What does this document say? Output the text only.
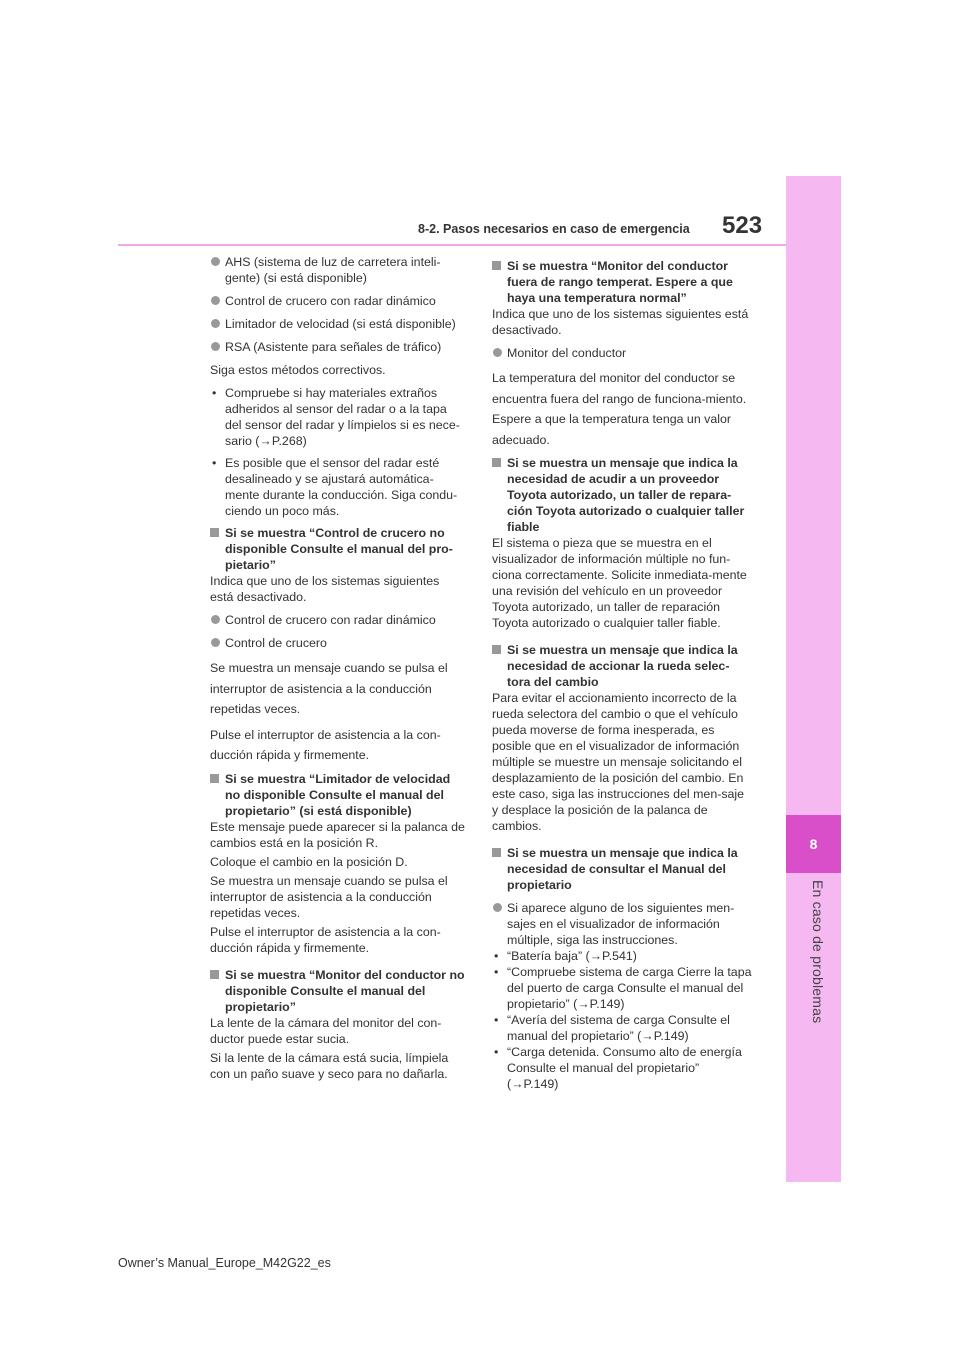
8
En caso de problemas
8-2. Pasos necesarios en caso de emergencia 523
AHS (sistema de luz de carretera inteli-gente) (si está disponible)
Control de crucero con radar dinámico
Limitador de velocidad (si está disponible)
RSA (Asistente para señales de tráfico)
Siga estos métodos correctivos.
• Compruebe si hay materiales extraños adheridos al sensor del radar o a la tapa del sensor del radar y límpielos si es nece-sario (→P.268)
• Es posible que el sensor del radar esté desalineado y se ajustará automática-mente durante la conducción. Siga condu-ciendo un poco más.
Si se muestra “Control de crucero no disponible Consulte el manual del pro-pietario”
Indica que uno de los sistemas siguientes está desactivado.
Control de crucero con radar dinámico
Control de crucero
Se muestra un mensaje cuando se pulsa el interruptor de asistencia a la conducción repetidas veces.
Pulse el interruptor de asistencia a la con-ducción rápida y firmemente.
Si se muestra “Limitador de velocidad no disponible Consulte el manual del propietario” (si está disponible)
Este mensaje puede aparecer si la palanca de cambios está en la posición R.
Coloque el cambio en la posición D.
Se muestra un mensaje cuando se pulsa el interruptor de asistencia a la conducción repetidas veces.
Pulse el interruptor de asistencia a la con-ducción rápida y firmemente.
Si se muestra “Monitor del conductor no disponible Consulte el manual del propietario”
La lente de la cámara del monitor del con-ductor puede estar sucia.
Si la lente de la cámara está sucia, límpiela con un paño suave y seco para no dañarla.
Si se muestra “Monitor del conductor fuera de rango temperat. Espere a que haya una temperatura normal”
Indica que uno de los sistemas siguientes está desactivado.
Monitor del conductor
La temperatura del monitor del conductor se encuentra fuera del rango de funciona-miento. Espere a que la temperatura tenga un valor adecuado.
Si se muestra un mensaje que indica la necesidad de acudir a un proveedor Toyota autorizado, un taller de repara-ción Toyota autorizado o cualquier taller fiable
El sistema o pieza que se muestra en el visualizador de información múltiple no fun-ciona correctamente. Solicite inmediata-mente una revisión del vehículo en un proveedor Toyota autorizado, un taller de reparación Toyota autorizado o cualquier taller fiable.
Si se muestra un mensaje que indica la necesidad de accionar la rueda selec-tora del cambio
Para evitar el accionamiento incorrecto de la rueda selectora del cambio o que el vehículo pueda moverse de forma inesperada, es posible que en el visualizador de información múltiple se muestre un mensaje solicitando el desplazamiento de la posición del cambio. En este caso, siga las instrucciones del men-saje y desplace la posición de la palanca de cambios.
Si se muestra un mensaje que indica la necesidad de consultar el Manual del propietario
Si aparece alguno de los siguientes men-sajes en el visualizador de información múltiple, siga las instrucciones.
• “Batería baja” (→P.541)
• “Compruebe sistema de carga Cierre la tapa del puerto de carga Consulte el manual del propietario” (→P.149)
• “Avería del sistema de carga Consulte el manual del propietario” (→P.149)
• “Carga detenida. Consumo alto de energía Consulte el manual del propietario” (→P.149)
Owner’s Manual_Europe_M42G22_es
